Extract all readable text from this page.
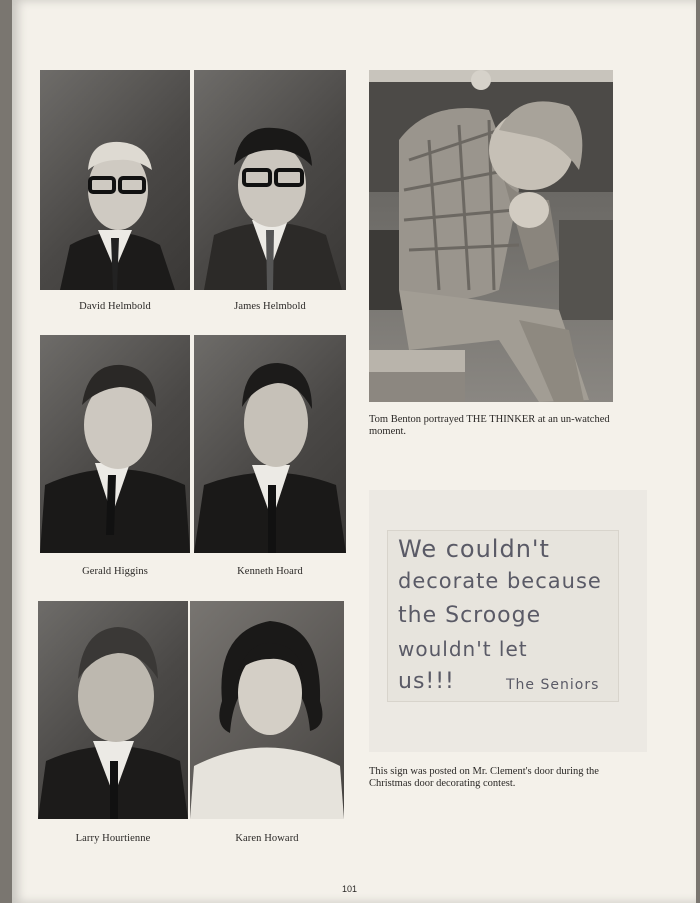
David Helmbold	James Helmbold
Gerald Higgins	Kenneth Hoard
Larry Hourtienne	Karen Howard
Tom Benton portrayed THE THINKER at an un-watched moment.
We couldn't
decorate because
the Scrooge
wouldn't let
us!!!	The Seniors
This sign was posted on Mr. Clement's door during the Christmas door decorating contest.
101
